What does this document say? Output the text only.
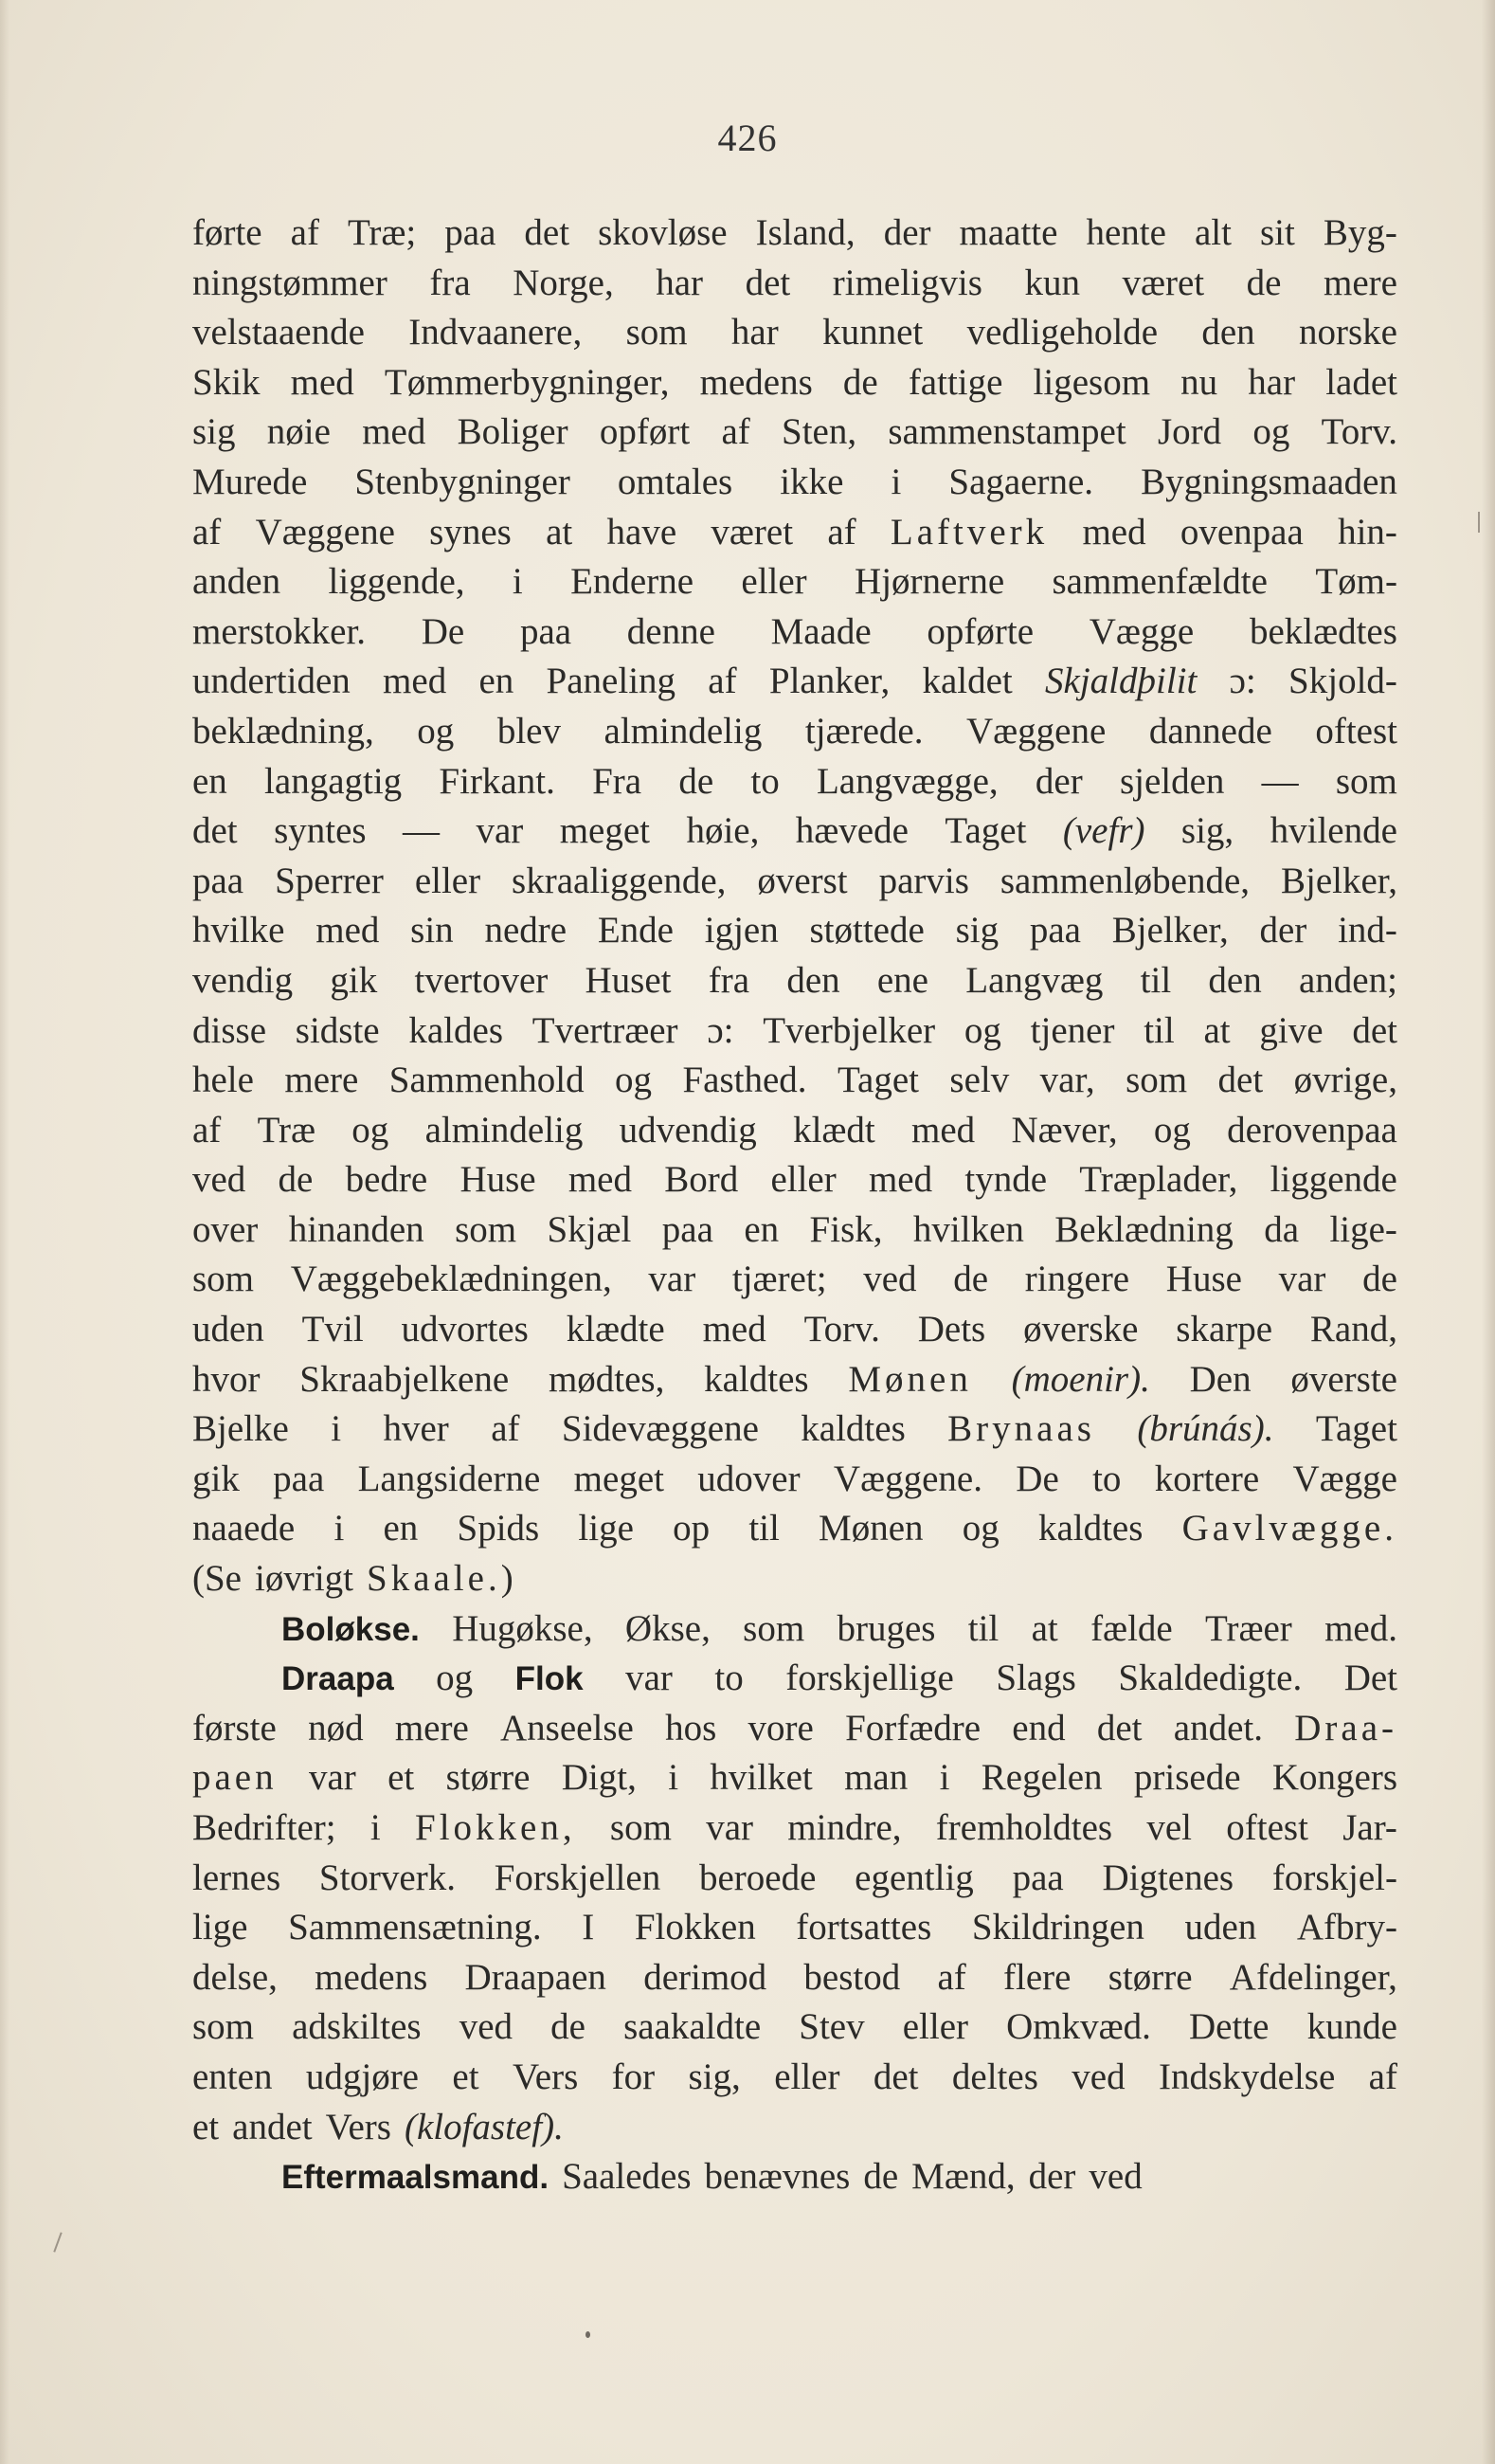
426
førte af Træ; paa det skovløse Island, der maatte hente alt sit Byg-
ningstømmer fra Norge, har det rimeligvis kun været de mere
velstaaende Indvaanere, som har kunnet vedligeholde den norske
Skik med Tømmerbygninger, medens de fattige ligesom nu har ladet
sig nøie med Boliger opført af Sten, sammenstampet Jord og Torv.
Murede Stenbygninger omtales ikke i Sagaerne. Bygningsmaaden
af Væggene synes at have været af Laftverk med ovenpaa hin-
anden liggende, i Enderne eller Hjørnerne sammenfældte Tøm-
merstokker. De paa denne Maade opførte Vægge beklædtes
undertiden med en Paneling af Planker, kaldet Skjaldþilit ɔ: Skjold-
beklædning, og blev almindelig tjærede. Væggene dannede oftest
en langagtig Firkant. Fra de to Langvægge, der sjelden — som
det syntes — var meget høie, hævede Taget (vefr) sig, hvilende
paa Sperrer eller skraaliggende, øverst parvis sammenløbende, Bjelker,
hvilke med sin nedre Ende igjen støttede sig paa Bjelker, der ind-
vendig gik tvertover Huset fra den ene Langvæg til den anden;
disse sidste kaldes Tvertræer ɔ: Tverbjelker og tjener til at give det
hele mere Sammenhold og Fasthed. Taget selv var, som det øvrige,
af Træ og almindelig udvendig klædt med Næver, og derovenpaa
ved de bedre Huse med Bord eller med tynde Træplader, liggende
over hinanden som Skjæl paa en Fisk, hvilken Beklædning da lige-
som Væggebeklædningen, var tjæret; ved de ringere Huse var de
uden Tvil udvortes klædte med Torv. Dets øverske skarpe Rand,
hvor Skraabjelkene mødtes, kaldtes Mønen (moenir). Den øverste
Bjelke i hver af Sidevæggene kaldtes Brynaas (brúnás). Taget
gik paa Langsiderne meget udover Væggene. De to kortere Vægge
naaede i en Spids lige op til Mønen og kaldtes Gavlvægge.
(Se iøvrigt Skaale.)
Boløkse. Hugøkse, Økse, som bruges til at fælde Træer med.
Draapa og Flok var to forskjellige Slags Skaldedigte. Det
første nød mere Anseelse hos vore Forfædre end det andet. Draa-
paen var et større Digt, i hvilket man i Regelen prisede Kongers
Bedrifter; i Flokken, som var mindre, fremholdtes vel oftest Jar-
lernes Storverk. Forskjellen beroede egentlig paa Digtenes forskjel-
lige Sammensætning. I Flokken fortsattes Skildringen uden Afbry-
delse, medens Draapaen derimod bestod af flere større Afdelinger,
som adskiltes ved de saakaldte Stev eller Omkvæd. Dette kunde
enten udgjøre et Vers for sig, eller det deltes ved Indskydelse af
et andet Vers (klofastef).
Eftermaalsmand. Saaledes benævnes de Mænd, der ved
